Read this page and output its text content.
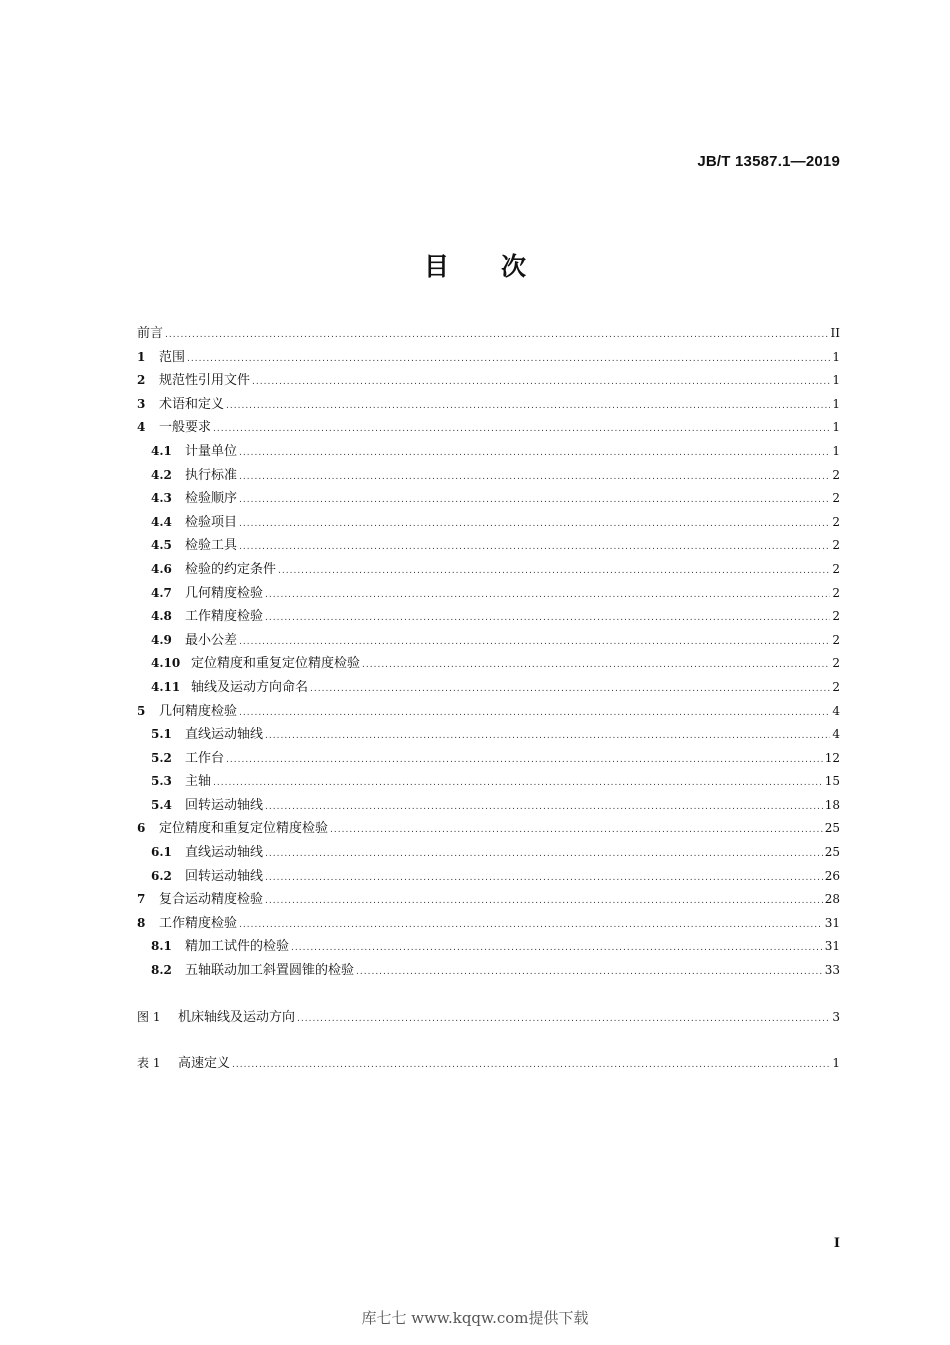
JB/T 13587.1—2019
目 次
前言 .....	II
1	范围 .....	1
2	规范性引用文件 .....	1
3	术语和定义 .....	1
4	一般要求 .....	1
4.1	计量单位 .....	1
4.2	执行标准 .....	2
4.3	检验顺序 .....	2
4.4	检验项目 .....	2
4.5	检验工具 .....	2
4.6	检验的约定条件 .....	2
4.7	几何精度检验 .....	2
4.8	工作精度检验 .....	2
4.9	最小公差 .....	2
4.10 定位精度和重复定位精度检验 .....	2
4.11 轴线及运动方向命名 .....	2
5	几何精度检验 .....	4
5.1	直线运动轴线 .....	4
5.2	工作台 .....	12
5.3	主轴 .....	15
5.4	回转运动轴线 .....	18
6	定位精度和重复定位精度检验 .....	25
6.1	直线运动轴线 .....	25
6.2	回转运动轴线 .....	26
7	复合运动精度检验 .....	28
8	工作精度检验 .....	31
8.1	精加工试件的检验 .....	31
8.2	五轴联动加工斜置圆锥的检验 .....	33
图 1	机床轴线及运动方向 .....	3
表 1	高速定义 .....	1
I
库七七 www.kqqw.com提供下载
